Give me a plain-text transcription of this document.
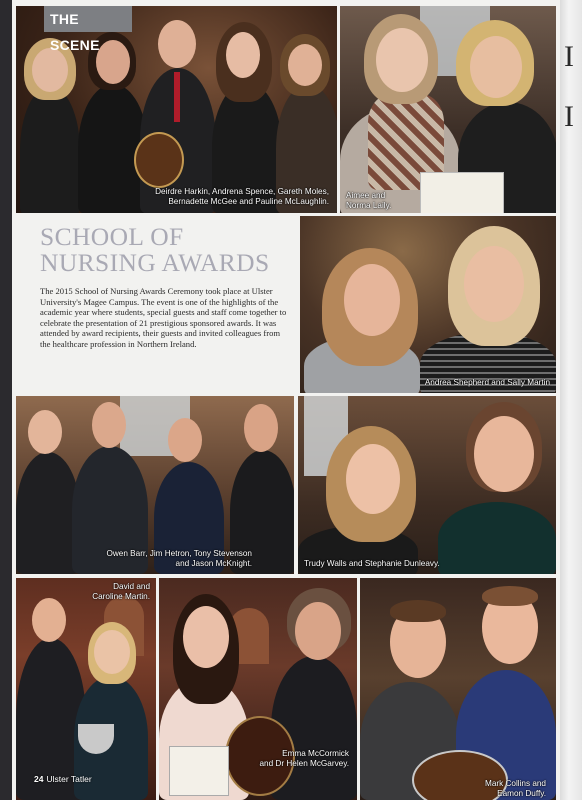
I
I
Deirdre Harkin, Andrena Spence, Gareth Moles,
Bernadette McGee and Pauline McLaughlin.
THE SCENE
Aimee and
Norma Laily.
SCHOOL OF
NURSING AWARDS

The 2015 School of Nursing Awards Ceremony took place at Ulster University's Magee Campus. The event is one of the highlights of the academic year where students, special guests and staff come together to celebrate the presentation of 21 prestigious sponsored awards. It was attended by award recipients, their guests and invited colleagues from the healthcare profession in Northern Ireland.

Andrea Shepherd and Sally Martin
Owen Barr, Jim Hetron, Tony Stevenson
and Jason McKnight.	Trudy Walls and Stephanie Dunleavy.
David and
Caroline Martin.
Emma McCormick
and Dr Helen McGarvey.
Mark Collins and
Eamon Duffy.
24 Ulster Tatler
